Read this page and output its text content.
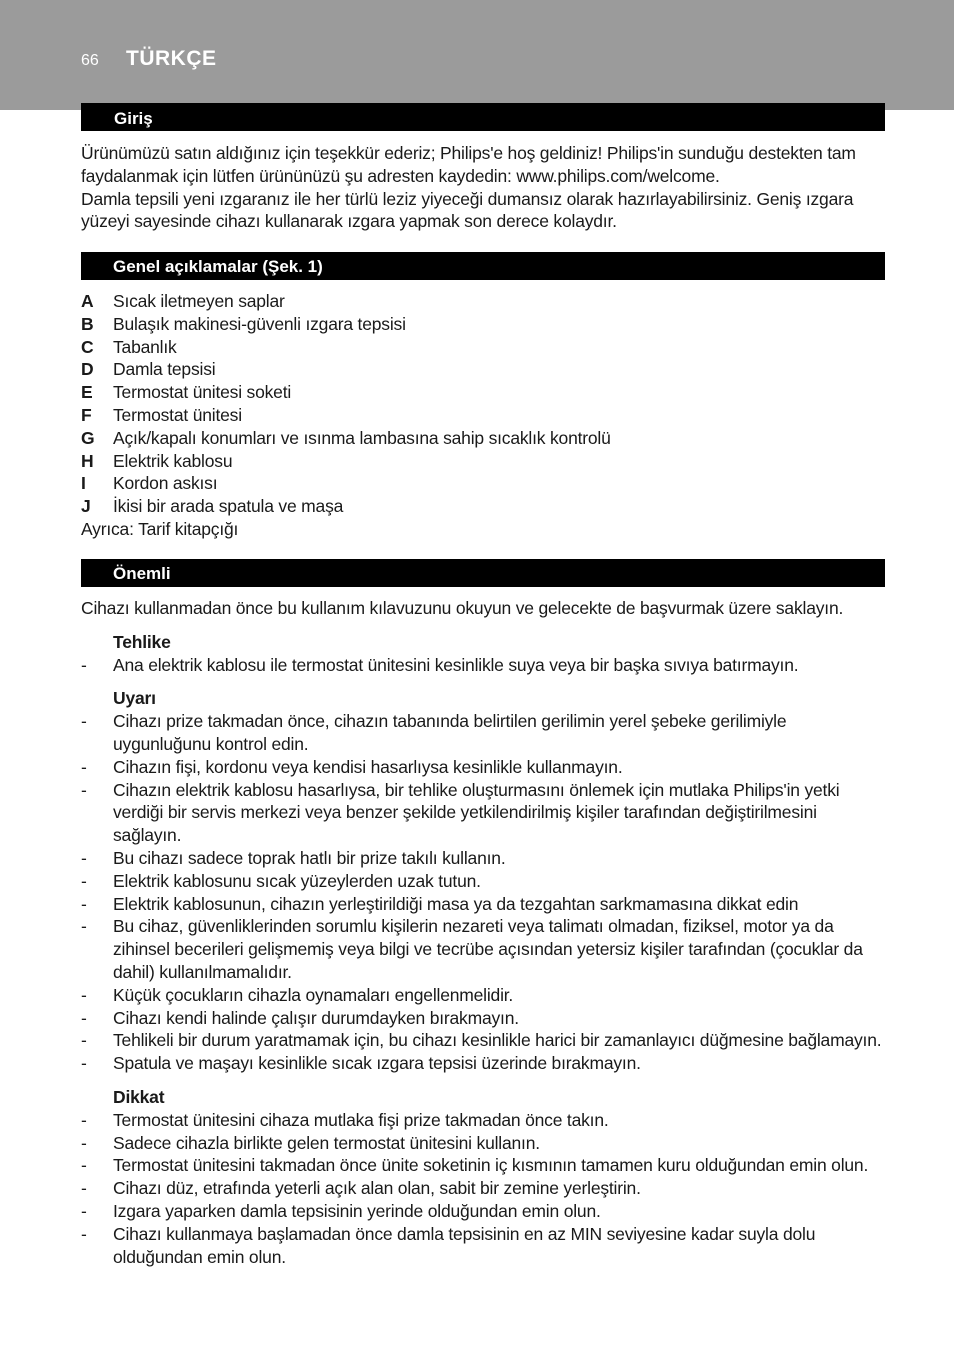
66 TÜRKÇE
Giriş

Ürünümüzü satın aldığınız için teşekkür ederiz; Philips'e hoş geldiniz! Philips'in sunduğu destekten tam faydalanmak için lütfen ürününüzü şu adresten kaydedin: www.philips.com/welcome.

Damla tepsili yeni ızgaranız ile her türlü leziz yiyeceği dumansız olarak hazırlayabilirsiniz. Geniş ızgara yüzeyi sayesinde cihazı kullanarak ızgara yapmak son derece kolaydır.

Genel açıklamalar (Şek. 1)
A	Sıcak iletmeyen saplar
B	Bulaşık makinesi-güvenli ızgara tepsisi
C	Tabanlık
D	Damla tepsisi
E	Termostat ünitesi soketi
F	Termostat ünitesi
G	Açık/kapalı konumları ve ısınma lambasına sahip sıcaklık kontrolü
H	Elektrik kablosu
I	Kordon askısı
J	İkisi bir arada spatula ve maşa

Ayrıca: Tarif kitapçığı

Önemli

Cihazı kullanmadan önce bu kullanım kılavuzunu okuyun ve gelecekte de başvurmak üzere saklayın.

Tehlike

-	Ana elektrik kablosu ile termostat ünitesini kesinlikle suya veya bir başka sıvıya batırmayın.

Uyarı

-	Cihazı prize takmadan önce, cihazın tabanında belirtilen gerilimin yerel şebeke gerilimiyle uygunluğunu kontrol edin.
-	Cihazın fişi, kordonu veya kendisi hasarlıysa kesinlikle kullanmayın.
-	Cihazın elektrik kablosu hasarlıysa, bir tehlike oluşturmasını önlemek için mutlaka Philips'in yetki verdiği bir servis merkezi veya benzer şekilde yetkilendirilmiş kişiler tarafından değiştirilmesini sağlayın.
-	Bu cihazı sadece toprak hatlı bir prize takılı kullanın.
-	Elektrik kablosunu sıcak yüzeylerden uzak tutun.
-	Elektrik kablosunun, cihazın yerleştirildiği masa ya da tezgahtan sarkmamasına dikkat edin
-	Bu cihaz, güvenliklerinden sorumlu kişilerin nezareti veya talimatı olmadan, fiziksel, motor ya da zihinsel becerileri gelişmemiş veya bilgi ve tecrübe açısından yetersiz kişiler tarafından (çocuklar da dahil) kullanılmamalıdır.
-	Küçük çocukların cihazla oynamaları engellenmelidir.
-	Cihazı kendi halinde çalışır durumdayken bırakmayın.
-	Tehlikeli bir durum yaratmamak için, bu cihazı kesinlikle harici bir zamanlayıcı düğmesine bağlamayın.
-	Spatula ve maşayı kesinlikle sıcak ızgara tepsisi üzerinde bırakmayın.

Dikkat

-	Termostat ünitesini cihaza mutlaka fişi prize takmadan önce takın.
-	Sadece cihazla birlikte gelen termostat ünitesini kullanın.
-	Termostat ünitesini takmadan önce ünite soketinin iç kısmının tamamen kuru olduğundan emin olun.
-	Cihazı düz, etrafında yeterli açık alan olan, sabit bir zemine yerleştirin.
-	Izgara yaparken damla tepsisinin yerinde olduğundan emin olun.
-	Cihazı kullanmaya başlamadan önce damla tepsisinin en az MIN seviyesine kadar suyla dolu olduğundan emin olun.
